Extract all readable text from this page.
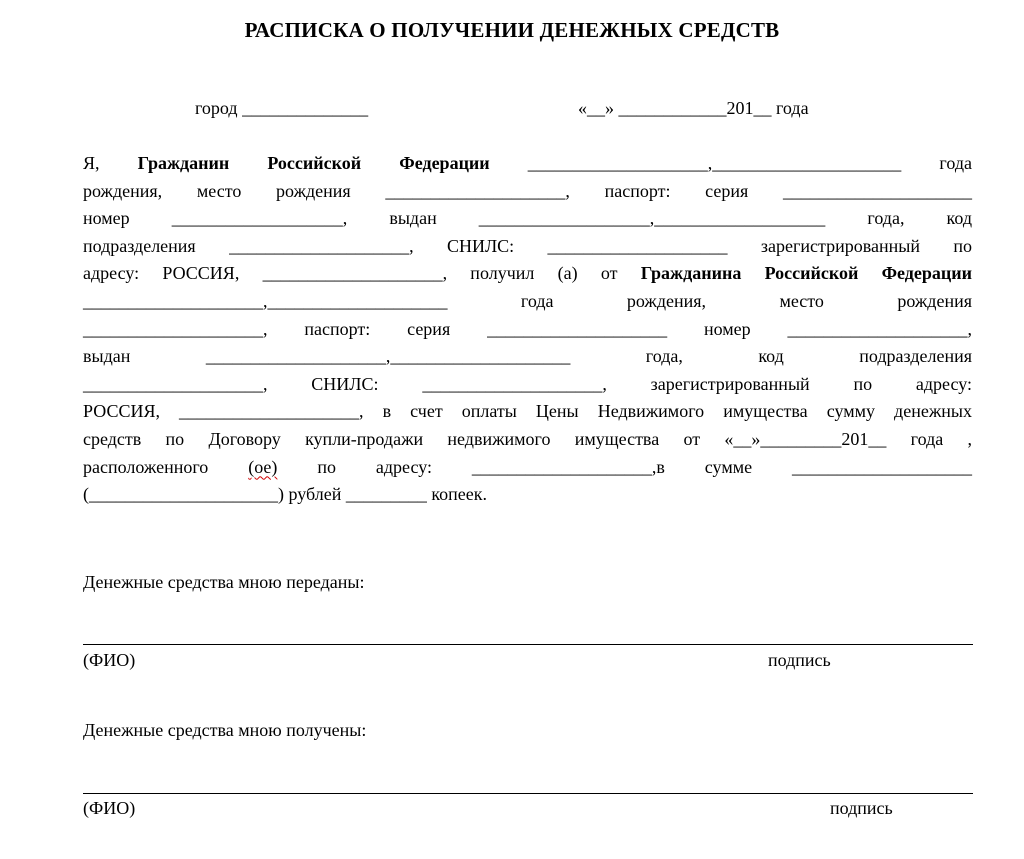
РАСПИСКА О ПОЛУЧЕНИИ ДЕНЕЖНЫХ СРЕДСТВ
город ______________	«__» ____________201__ года
Я, Гражданин Российской Федерации ____________________,_____________________ года
рождения, место рождения ____________________, паспорт: серия _____________________
номер ___________________, выдан ___________________,___________________ года, код
подразделения ____________________, СНИЛС: ____________________ зарегистрированный по
адресу: РОССИЯ, ____________________, получил (а) от Гражданина Российской Федерации
____________________,____________________ года рождения, место рождения
____________________, паспорт: серия ____________________ номер ____________________,
выдан ____________________,____________________ года, код подразделения
____________________, СНИЛС: ____________________, зарегистрированный по адресу:
РОССИЯ, ____________________, в счет оплаты Цены Недвижимого имущества сумму денежных
средств по Договору купли-продажи недвижимого имущества от «__»_________201__ года ,
расположенного (ое) по адресу: ____________________,в сумме ____________________
(_____________________) рублей _________ копеек.
Денежные средства мною переданы:
(ФИО)	подпись
Денежные средства мною получены:
(ФИО)	подпись
